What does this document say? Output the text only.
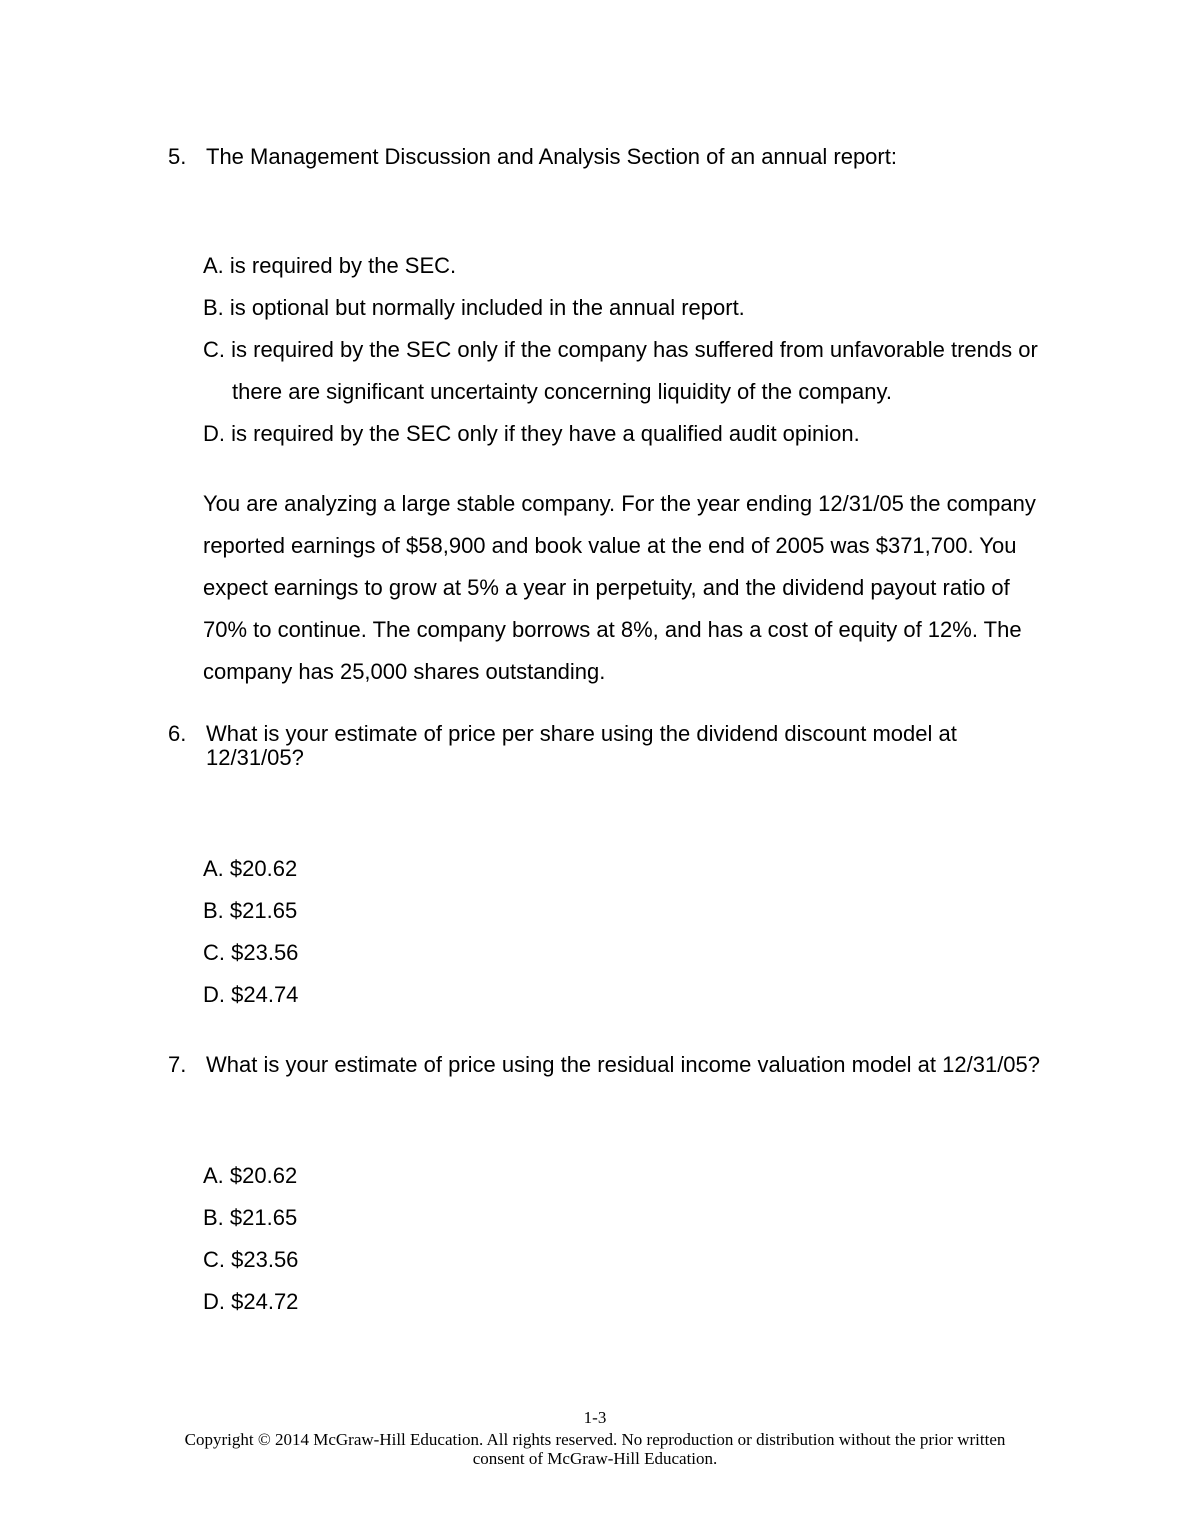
5. The Management Discussion and Analysis Section of an annual report:
A. is required by the SEC.
B. is optional but normally included in the annual report.
C. is required by the SEC only if the company has suffered from unfavorable trends or there are significant uncertainty concerning liquidity of the company.
D. is required by the SEC only if they have a qualified audit opinion.

You are analyzing a large stable company. For the year ending 12/31/05 the company reported earnings of $58,900 and book value at the end of 2005 was $371,700. You expect earnings to grow at 5% a year in perpetuity, and the dividend payout ratio of 70% to continue. The company borrows at 8%, and has a cost of equity of 12%. The company has 25,000 shares outstanding.

6. What is your estimate of price per share using the dividend discount model at 12/31/05?
A. $20.62
B. $21.65
C. $23.56
D. $24.74
7. What is your estimate of price using the residual income valuation model at 12/31/05?
A. $20.62
B. $21.65
C. $23.56
D. $24.72
1-3
Copyright © 2014 McGraw-Hill Education. All rights reserved. No reproduction or distribution without the prior written consent of McGraw-Hill Education.
